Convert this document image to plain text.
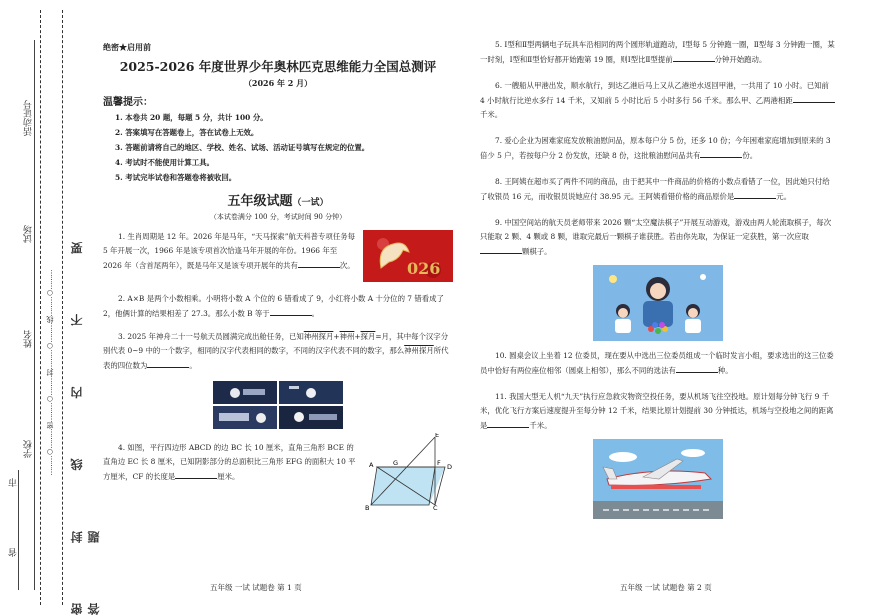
省
市
学校
姓名
试场
活动证号
………○………密………○………封………○………线………○……… 密 封 线 内 不 要 答 题
绝密★启用前
2025-2026 年度世界少年奥林匹克思维能力全国总测评
（2026 年 2 月）
温馨提示：
1. 本卷共 20 题，每题 5 分，共计 100 分。
2. 答案填写在答题卷上，答在试卷上无效。
3. 答题前请将自己的地区、学校、姓名、试场、活动证号填写在规定的位置。
4. 考试时不能使用计算工具。
5. 考试完毕试卷和答题卷将被收回。
五年级试题（一试）
（本试卷满分 100 分，考试时间 90 分钟）

1. 生肖周期是 12 年。2026 年是马年，“天马探索”航天科普专项任务每 5 年开展一次，1966 年是该专项首次恰逢马年开展的年份。1966 年至 2026 年（含首尾两年），既是马年又是该专项开展年的共有	次。	026

2. A×B 是两个小数相乘。小明将小数 A 个位的 6 错看成了 9，小红将小数 A 十分位的 7 错看成了 2，他俩计算的结果相差了 27.3。那么小数 B 等于	。

3. 2025 年神舟二十一号航天员圆满完成出舱任务，已知神州探月+神州+探月=月，其中每个汉字分别代表 0~9 中的一个数字，相同的汉字代表相同的数字，不同的汉字代表不同的数字，那么神州探月所代表的四位数为	。

4. 如图，平行四边形 ABCD 的边 BC 长 10 厘米，直角三角形 BCE 的直角边 EC 长 8 厘米，已知阴影部分的总面积比三角形 EFG 的面积大 10 平方厘米，CF 的长度是	厘米。

E
A	G	F D
B	C

5. Ⅰ型和Ⅱ型两辆电子玩具车沿相同的两个圆形轨道跑动，Ⅰ型每 5 分钟跑一圈，Ⅱ型每 3 分钟跑一圈，某一时刻，Ⅰ型和Ⅱ型恰好都开始跑第 19 圈，则Ⅰ型比Ⅱ型提前	分钟开始跑动。

6. 一艘船从甲港出发，顺水航行，到达乙港后马上又从乙港逆水返回甲港，一共用了 10 小时。已知前 4 小时航行比逆水多行 14 千米，又知前 5 小时比后 5 小时多行 56 千米。那么甲、乙两港相距千米。

7. 爱心企业为困难家庭发放粮油慰问品，原本每户分 5 份，还多 10 份；今年困难家庭增加到原来的 3 倍少 5 户，若按每户分 2 份发放，还缺 8 份，这批粮油慰问品共有	份。

8. 王阿姨在超市买了两件不同的商品，由于把其中一件商品的价格的小数点看错了一位，因此她只付给了收银员 16 元，而收银员说她应付 38.95 元。王阿姨看错价格的商品原价是	元。

9. 中国空间站的航天员老师带来 2026 颗“太空魔法棋子”开展互动游戏，游戏由两人轮流取棋子，每次只能取 2 颗、4 颗或 8 颗，谁取完最后一颗棋子谁获胜。若由你先取，为保证一定获胜，第一次应取颗棋子。

10. 圆桌会议上坐着 12 位委员，现在要从中选出三位委员组成一个临时发言小组，要求选出的这三位委员中恰好有两位座位相邻（圆桌上相邻），那么不同的选法有	种。

11. 我国大型无人机“九天”执行应急救灾物资空投任务，要从机场飞往空投地。原计划每分钟飞行 9 千米，优化飞行方案后速度提升至每分钟 12 千米，结果比原计划提前 30 分钟抵达，机场与空投地之间的距离是	千米。

五年级 一试 试题卷 第 1 页	五年级 一试 试题卷 第 2 页
